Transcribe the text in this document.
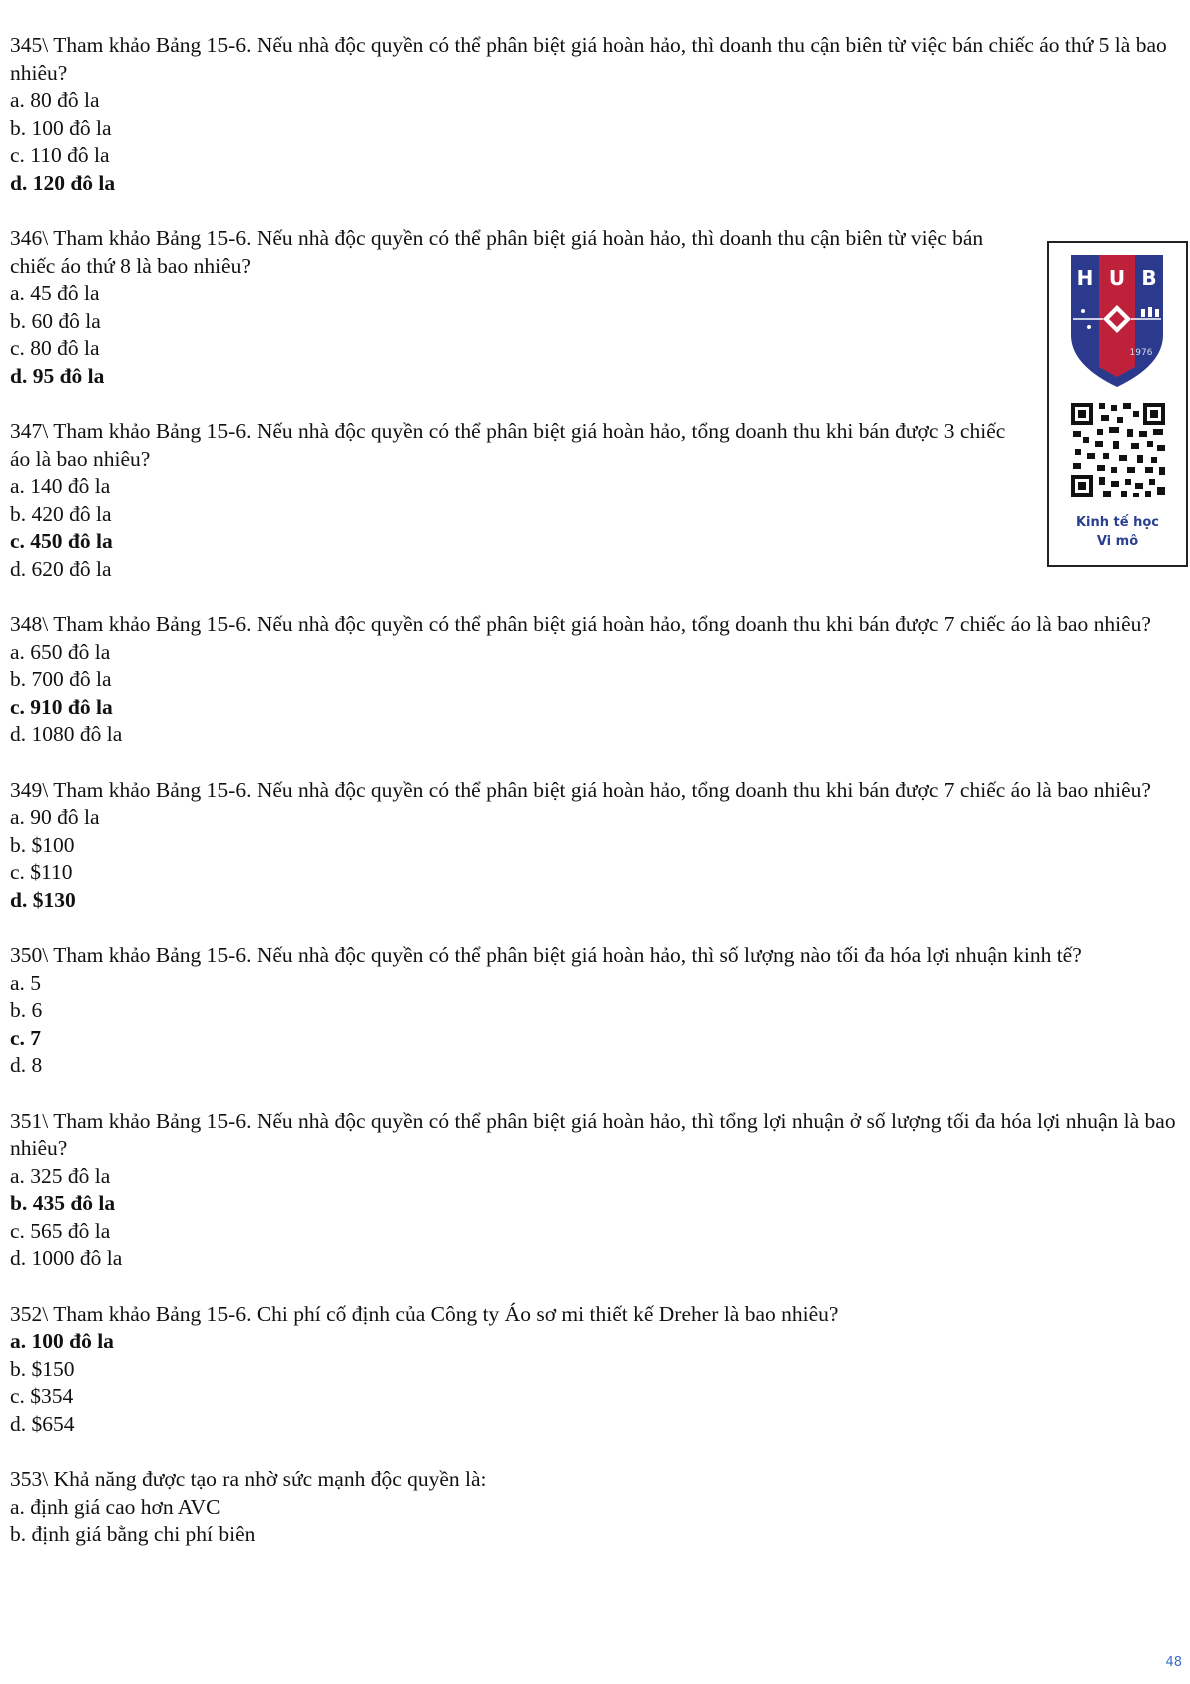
345\ Tham khảo Bảng 15-6. Nếu nhà độc quyền có thể phân biệt giá hoàn hảo, thì doanh thu cận biên từ việc bán chiếc áo thứ 5 là bao nhiêu?
a. 80 đô la
b. 100 đô la
c. 110 đô la
d. 120 đô la
346\ Tham khảo Bảng 15-6. Nếu nhà độc quyền có thể phân biệt giá hoàn hảo, thì doanh thu cận biên từ việc bán chiếc áo thứ 8 là bao nhiêu?
a. 45 đô la
b. 60 đô la
c. 80 đô la
d. 95 đô la
347\ Tham khảo Bảng 15-6. Nếu nhà độc quyền có thể phân biệt giá hoàn hảo, tổng doanh thu khi bán được 3 chiếc áo là bao nhiêu?
a. 140 đô la
b. 420 đô la
c. 450 đô la
d. 620 đô la
348\ Tham khảo Bảng 15-6. Nếu nhà độc quyền có thể phân biệt giá hoàn hảo, tổng doanh thu khi bán được 7 chiếc áo là bao nhiêu?
a. 650 đô la
b. 700 đô la
c. 910 đô la
d. 1080 đô la
349\ Tham khảo Bảng 15-6. Nếu nhà độc quyền có thể phân biệt giá hoàn hảo, tổng doanh thu khi bán được 7 chiếc áo là bao nhiêu?
a. 90 đô la
b. $100
c. $110
d. $130
350\ Tham khảo Bảng 15-6. Nếu nhà độc quyền có thể phân biệt giá hoàn hảo, thì số lượng nào tối đa hóa lợi nhuận kinh tế?
a. 5
b. 6
c. 7
d. 8
351\ Tham khảo Bảng 15-6. Nếu nhà độc quyền có thể phân biệt giá hoàn hảo, thì tổng lợi nhuận ở số lượng tối đa hóa lợi nhuận là bao nhiêu?
a. 325 đô la
b. 435 đô la
c. 565 đô la
d. 1000 đô la
352\ Tham khảo Bảng 15-6. Chi phí cố định của Công ty Áo sơ mi thiết kế Dreher là bao nhiêu?
a. 100 đô la
b. $150
c. $354
d. $654
353\ Khả năng được tạo ra nhờ sức mạnh độc quyền là:
a. định giá cao hơn AVC
b. định giá bằng chi phí biên
H U B
1976
Kinh tế học
Vi mô
48
